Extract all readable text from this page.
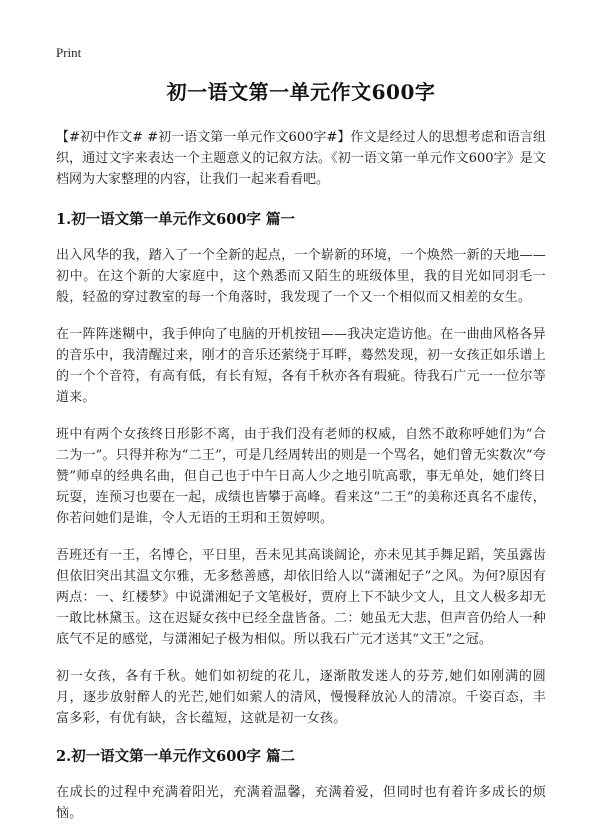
Print
初一语文第一单元作文600字

【#初中作文# #初一语文第一单元作文600字#】作文是经过人的思想考虑和语言组织，通过文字来表达一个主题意义的记叙方法。《初一语文第一单元作文600字》是文档网为大家整理的内容，让我们一起来看看吧。

1.初一语文第一单元作文600字 篇一

出入风华的我，踏入了一个全新的起点，一个崭新的环境，一个焕然一新的天地——初中。在这个新的大家庭中，这个熟悉而又陌生的班级体里，我的目光如同羽毛一般，轻盈的穿过教室的每一个角落时，我发现了一个又一个相似而又相差的女生。

在一阵阵迷糊中，我手伸向了电脑的开机按钮——我决定造访他。在一曲曲风格各异的音乐中，我清醒过来，刚才的音乐还萦绕于耳畔，蓦然发现，初一女孩正如乐谱上的一个个音符，有高有低，有长有短，各有千秋亦各有瑕疵。待我石广元一一位尔等道来。

班中有两个女孩终日形影不离，由于我们没有老师的权威，自然不敢称呼她们为“合二为一”。只得并称为“二王”，可是几经周转出的则是一个骂名，她们曾无实数次“夸赞”师卓的经典名曲，但自己也于中午日高人少之地引吭高歌，事无单处，她们终日玩耍，连预习也要在一起，成绩也皆攀于高峰。看来这“二王”的美称还真名不虚传，你若问她们是谁，令人无语的王玥和王贺婷呗。

吾班还有一王，名博仑，平日里，吾未见其高谈阔论，亦未见其手舞足蹈，笑虽露齿但依旧突出其温文尔雅，无多愁善感，却依旧给人以“潇湘妃子”之风。为何?原因有两点：一、红楼梦》中说潇湘妃子文笔极好，贾府上下不缺少文人，且文人极多却无一敢比林黛玉。这在迟疑女孩中已经全盘皆备。二：她虽无大悲，但声音仍给人一种底气不足的感觉，与潇湘妃子极为相似。所以我石广元才送其“文王”之冠。

初一女孩，各有千秋。她们如初绽的花儿，逐渐散发迷人的芬芳,她们如刚满的圆月，逐步放射醉人的光芒,她们如萦人的清风，慢慢释放沁人的清凉。千姿百态，丰富多彩，有优有缺，含长蕴短，这就是初一女孩。

2.初一语文第一单元作文600字 篇二

在成长的过程中充满着阳光，充满着温馨，充满着爱，但同时也有着许多成长的烦恼。
